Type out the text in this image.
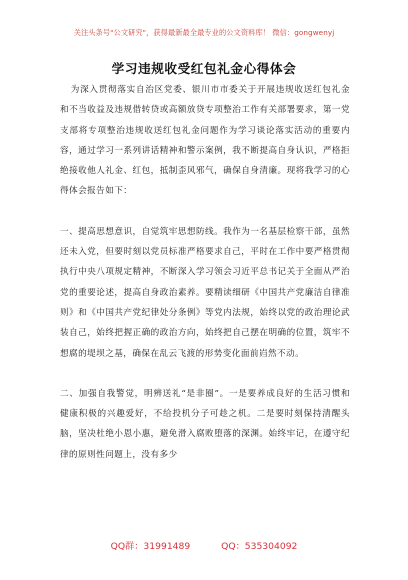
关注头条号"公文研究"，获得最新最全最专业的公文资料库！ 微信：gongwenyj
学习违规收受红包礼金心得体会

为深入贯彻落实自治区党委、银川市市委关于开展违规收送红包礼金和不当收益及违规借转贷或高额放贷专项整治工作有关部署要求，第一党支部将专项整治违规收送红包礼金问题作为学习谈论落实活动的重要内容，通过学习一系列讲话精神和警示案例，我不断提高自身认识，严格拒绝接收他人礼金、红包，抵制歪风邪气，确保自身清廉。现将我学习的心得体会报告如下：

一、提高思想意识，自觉筑牢思想防线。我作为一名基层检察干部，虽然还未入党，但要时刻以党员标准严格要求自己，平时在工作中要严格贯彻执行中央八项规定精神，不断深入学习领会习近平总书记关于全面从严治党的重要论述，提高自身政治素养。要精读细研《中国共产党廉洁自律准则》和《中国共产党纪律处分条例》等党内法规，始终以党的政治理论武装自己，始终把握正确的政治方向，始终把自己摆在明确的位置，筑牢不想腐的堤坝之基，确保在乱云飞渡的形势变化面前岿然不动。

二、加强自我警觉，明辨送礼“是非圈”。一是要养成良好的生活习惯和健康积极的兴趣爱好，不给投机分子可趁之机。二是要时刻保持清醒头脑，坚决杜绝小恩小惠，避免滑入腐败堕落的深渊。始终牢记，在遵守纪律的原则性问题上，没有多少

QQ群：31991489	QQ：535304092
